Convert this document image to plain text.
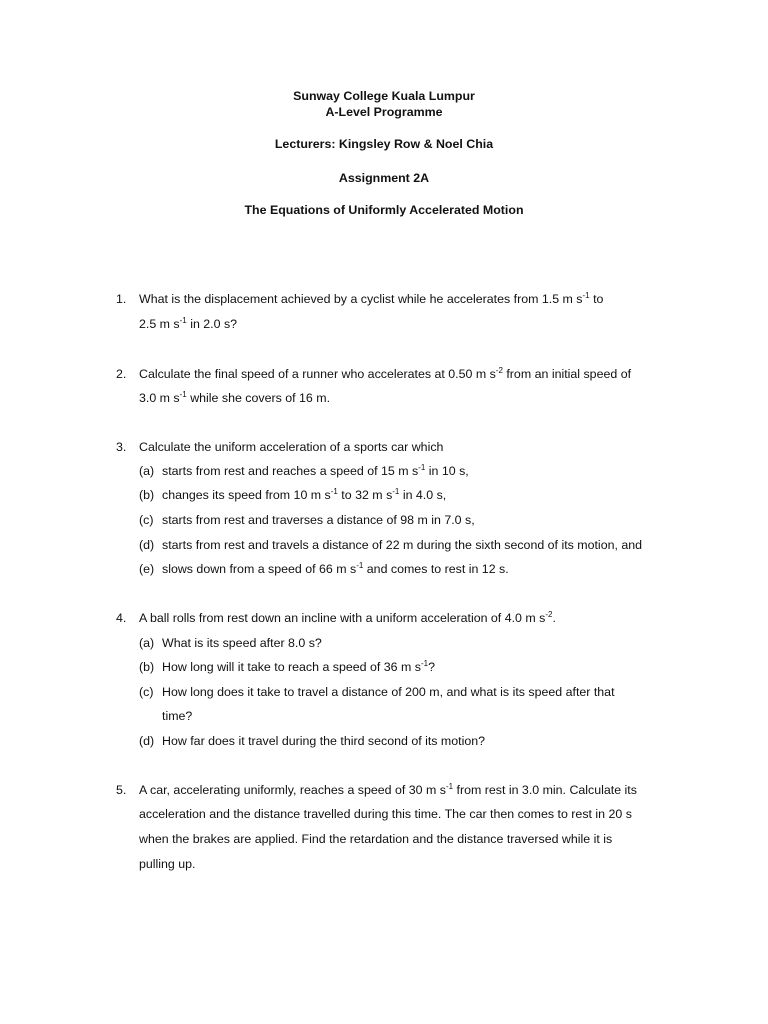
Sunway College Kuala Lumpur
A-Level Programme
Lecturers: Kingsley Row & Noel Chia
Assignment 2A
The Equations of Uniformly Accelerated Motion
1. What is the displacement achieved by a cyclist while he accelerates from 1.5 m $s^{-1}$ to
2.5 m $s^{-1}$ in 2.0 s?
2. Calculate the final speed of a runner who accelerates at 0.50 m $s^{-2}$ from an initial speed of
3.0 m $s^{-1}$ while she covers of 16 m.
3. Calculate the uniform acceleration of a sports car which
(a) starts from rest and reaches a speed of 15 m $s^{-1}$ in 10 s,
(b) changes its speed from 10 m $s^{-1}$ to 32 m $s^{-1}$ in 4.0 s,
(c) starts from rest and traverses a distance of 98 m in 7.0 s,
(d) starts from rest and travels a distance of 22 m during the sixth second of its motion, and
(e) slows down from a speed of 66 m $s^{-1}$ and comes to rest in 12 s.
4. A ball rolls from rest down an incline with a uniform acceleration of 4.0 m $s^{-2}$.
(a) What is its speed after 8.0 s?
(b) How long will it take to reach a speed of 36 m $s^{-1}$?
(c) How long does it take to travel a distance of 200 m, and what is its speed after that
time?
(d) How far does it travel during the third second of its motion?
5. A car, accelerating uniformly, reaches a speed of 30 m $s^{-1}$ from rest in 3.0 min. Calculate its
acceleration and the distance travelled during this time. The car then comes to rest in 20 s
when the brakes are applied. Find the retardation and the distance traversed while it is
pulling up.
